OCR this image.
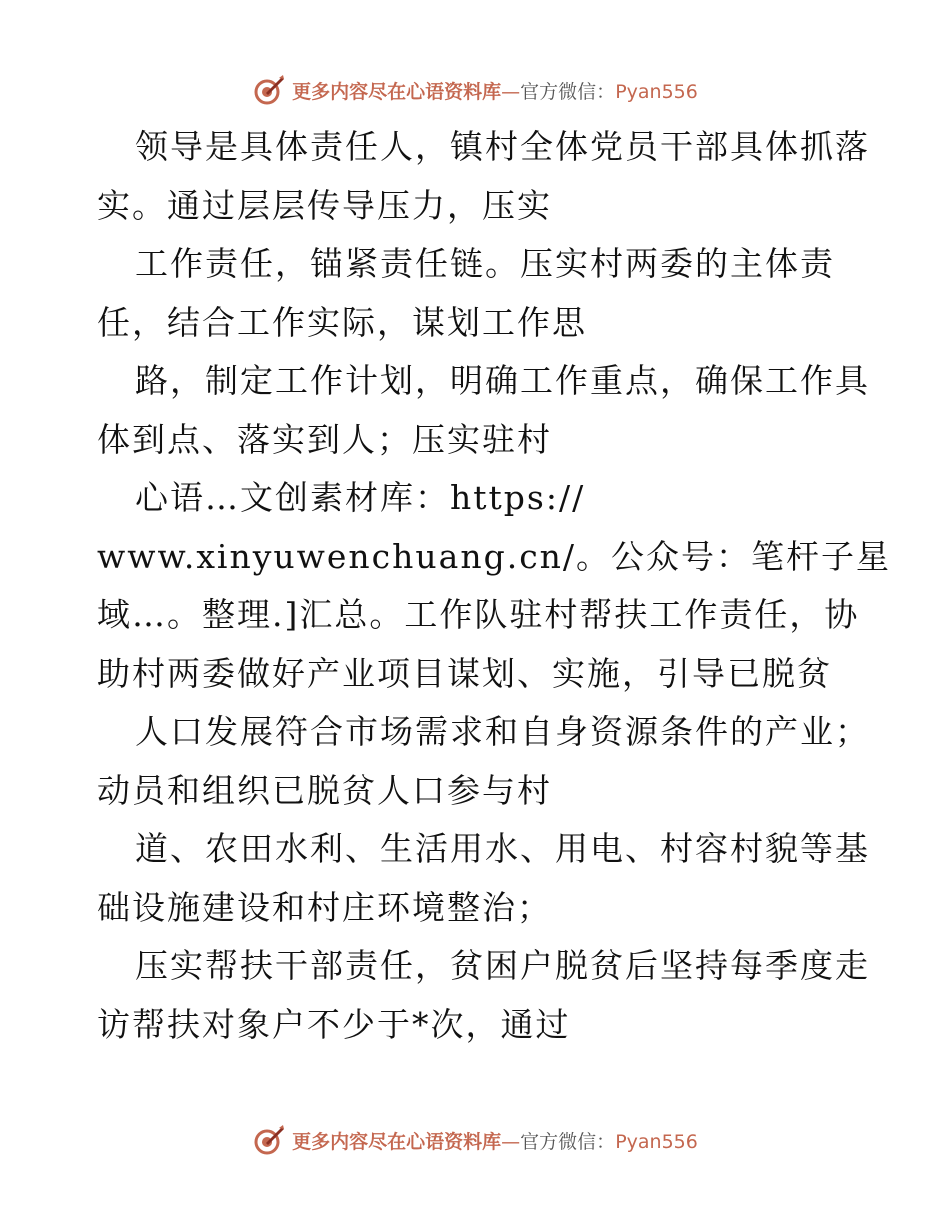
更多内容尽在心语资料库—官方微信：Pyan556
领导是具体责任人，镇村全体党员干部具体抓落
实。通过层层传导压力，压实
工作责任，锚紧责任链。压实村两委的主体责
任，结合工作实际，谋划工作思
路，制定工作计划，明确工作重点，确保工作具
体到点、落实到人；压实驻村
心语…文创素材库：https://
www.xinyuwenchuang.cn/。公众号：笔杆子星
域…。整理.]汇总。工作队驻村帮扶工作责任，协
助村两委做好产业项目谋划、实施，引导已脱贫
人口发展符合市场需求和自身资源条件的产业；
动员和组织已脱贫人口参与村
道、农田水利、生活用水、用电、村容村貌等基
础设施建设和村庄环境整治；
压实帮扶干部责任，贫困户脱贫后坚持每季度走
访帮扶对象户不少于*次，通过
更多内容尽在心语资料库—官方微信：Pyan556
